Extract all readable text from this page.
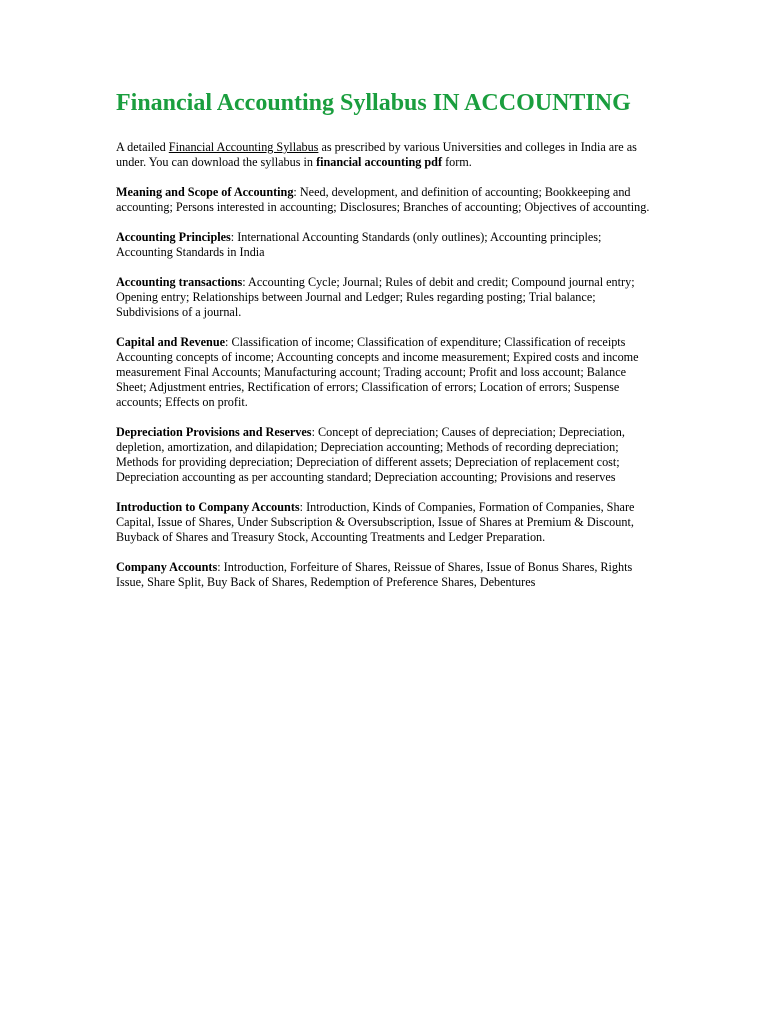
Financial Accounting Syllabus IN ACCOUNTING

A detailed Financial Accounting Syllabus as prescribed by various Universities and colleges in India are as under. You can download the syllabus in financial accounting pdf form.

Meaning and Scope of Accounting: Need, development, and definition of accounting; Bookkeeping and accounting; Persons interested in accounting; Disclosures; Branches of accounting; Objectives of accounting.

Accounting Principles: International Accounting Standards (only outlines); Accounting principles; Accounting Standards in India

Accounting transactions: Accounting Cycle; Journal; Rules of debit and credit; Compound journal entry; Opening entry; Relationships between Journal and Ledger; Rules regarding posting; Trial balance; Subdivisions of a journal.

Capital and Revenue: Classification of income; Classification of expenditure; Classification of receipts Accounting concepts of income; Accounting concepts and income measurement; Expired costs and income measurement Final Accounts; Manufacturing account; Trading account; Profit and loss account; Balance Sheet; Adjustment entries, Rectification of errors; Classification of errors; Location of errors; Suspense accounts; Effects on profit.

Depreciation Provisions and Reserves: Concept of depreciation; Causes of depreciation; Depreciation, depletion, amortization, and dilapidation; Depreciation accounting; Methods of recording depreciation; Methods for providing depreciation; Depreciation of different assets; Depreciation of replacement cost; Depreciation accounting as per accounting standard; Depreciation accounting; Provisions and reserves

Introduction to Company Accounts: Introduction, Kinds of Companies, Formation of Companies, Share Capital, Issue of Shares, Under Subscription & Oversubscription, Issue of Shares at Premium & Discount, Buyback of Shares and Treasury Stock, Accounting Treatments and Ledger Preparation.

Company Accounts: Introduction, Forfeiture of Shares, Reissue of Shares, Issue of Bonus Shares, Rights Issue, Share Split, Buy Back of Shares, Redemption of Preference Shares, Debentures
